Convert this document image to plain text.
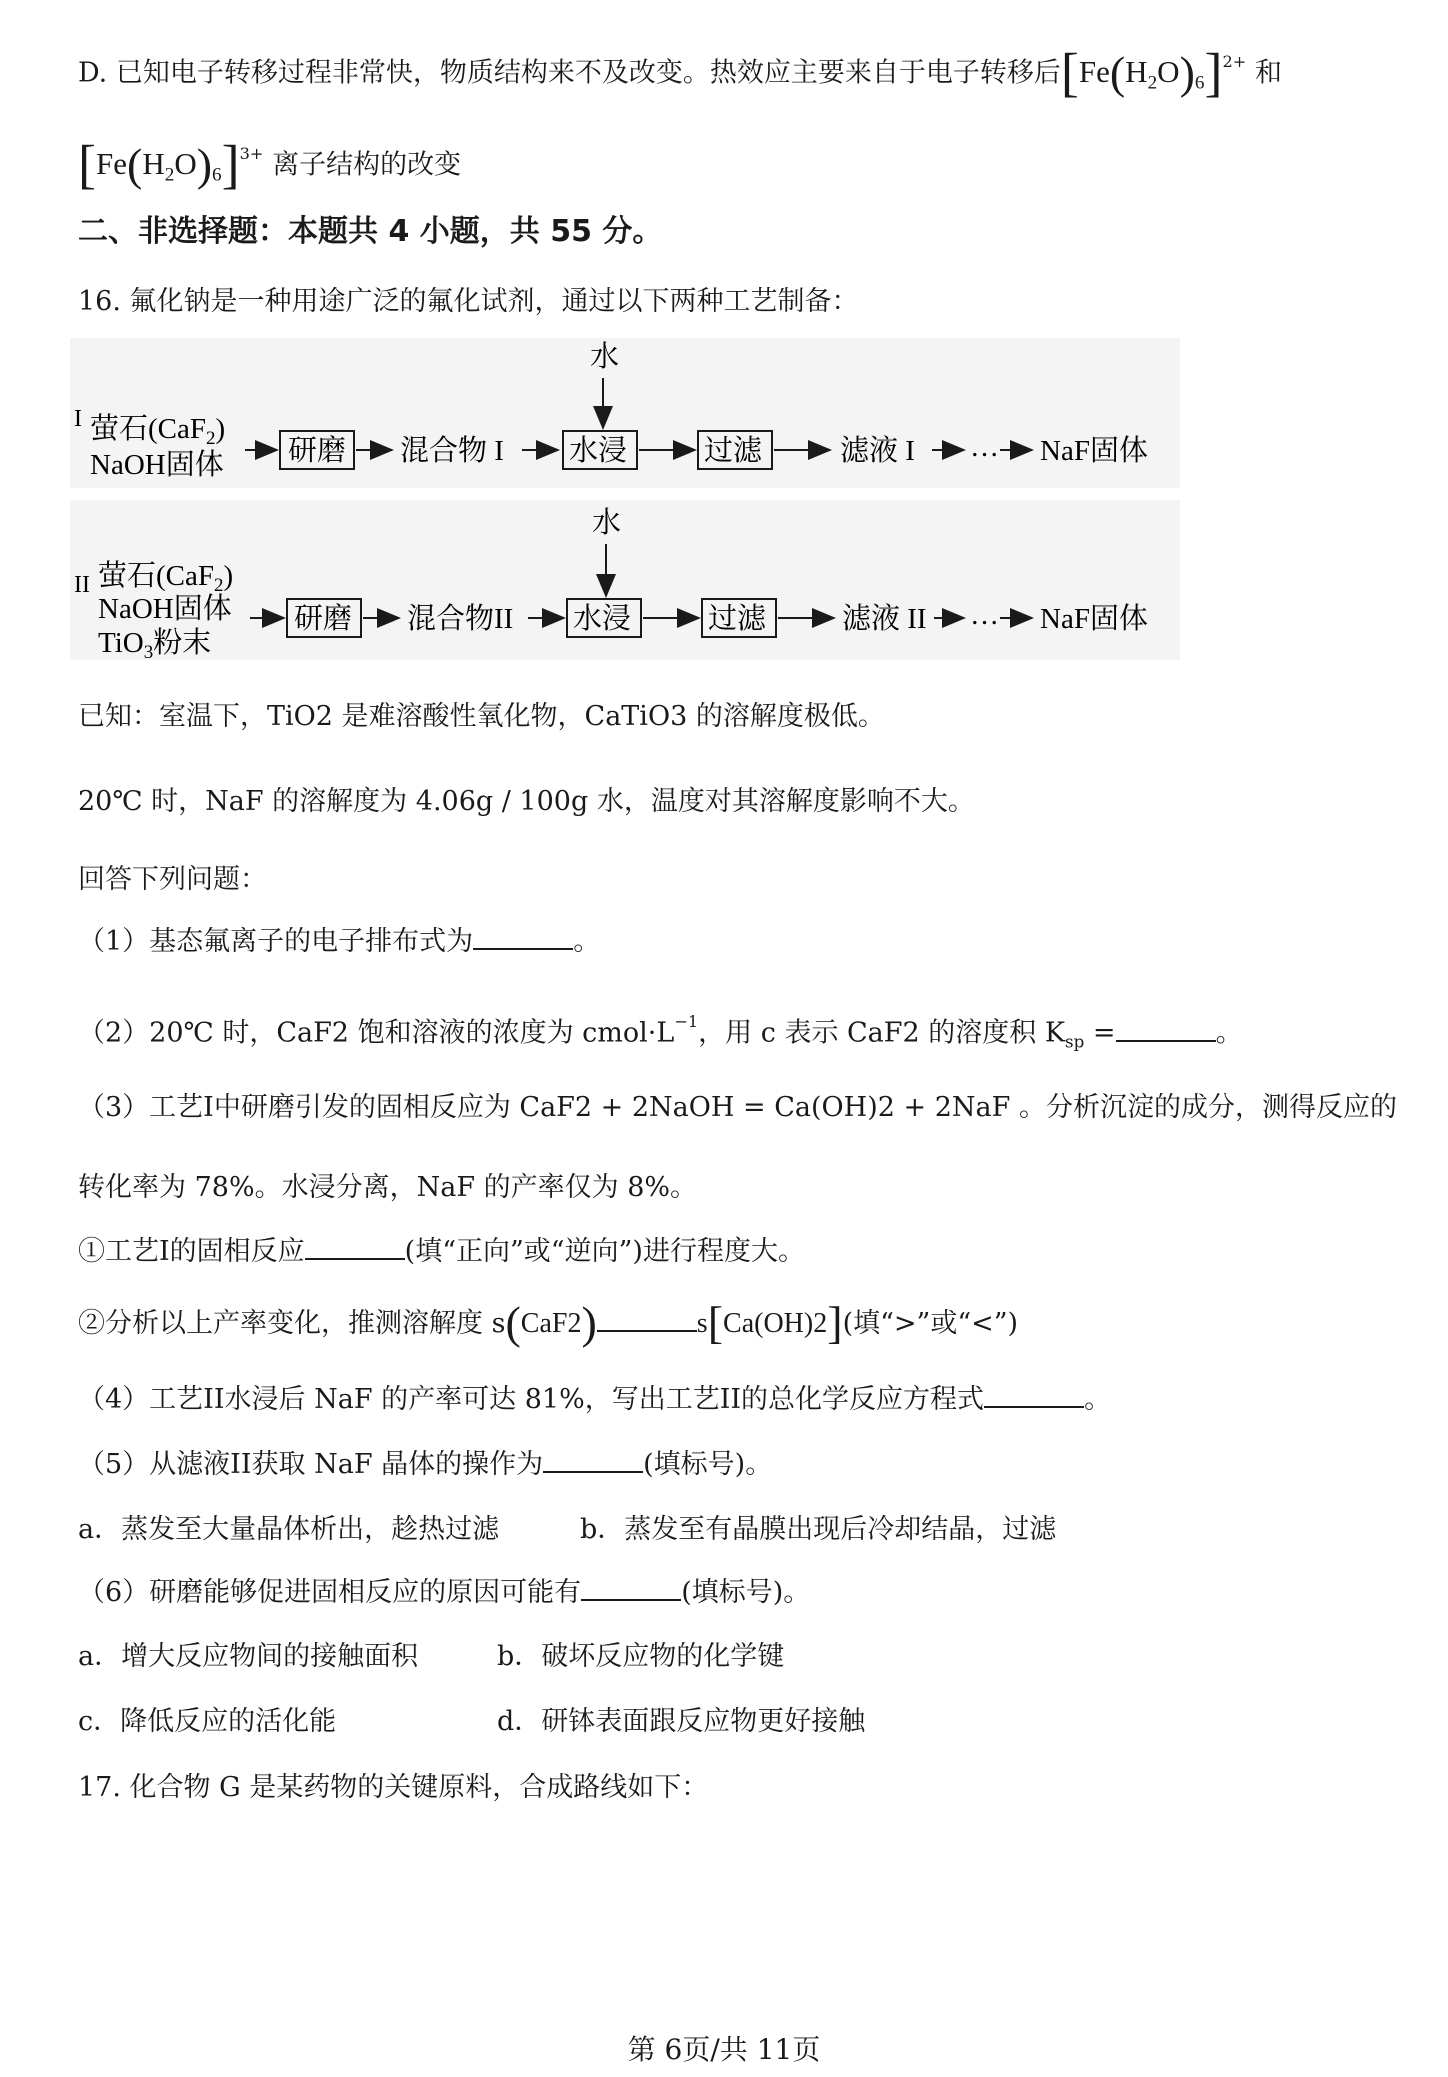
D. 已知电子转移过程非常快，物质结构来不及改变。热效应主要来自于电子转移后$[Fe(H_2O)_6]^{2+}$ 和
$[Fe(H_2O)_6]^{3+}$ 离子结构的改变
二、非选择题：本题共 4 小题，共 55 分。
16. 氟化钠是一种用途广泛的氟化试剂，通过以下两种工艺制备：
I 萤石(CaF$_2$)
NaOH固体 研磨 混合物 I
水
水浸	过滤	滤液 I … NaF固体
II 萤石(CaF$_2$)
NaOH固体
TiO$_3$粉末
研磨 混合物II
水
水浸	过滤	滤液 II … NaF固体
已知：室温下，TiO2 是难溶酸性氧化物，CaTiO3 的溶解度极低。
20℃ 时，NaF 的溶解度为 4.06g / 100g 水，温度对其溶解度影响不大。
回答下列问题：
（1）基态氟离子的电子排布式为	。
（2）20℃ 时，CaF2 饱和溶液的浓度为 $cmol\cdot L^{-1}$，用 c 表示 CaF2 的溶度积 $K_{sp}$ =	。
（3）工艺I中研磨引发的固相反应为 CaF2 + 2NaOH = Ca(OH)2 + 2NaF 。分析沉淀的成分，测得反应的
转化率为 78%。水浸分离，NaF 的产率仅为 8%。
①工艺I的固相反应	(填“正向”或“逆向”)进行程度大。
②分析以上产率变化，推测溶解度 s(CaF2)	s[Ca(OH)2](填“>”或“<”)
（4）工艺II水浸后 NaF 的产率可达 81%，写出工艺II的总化学反应方程式	。
（5）从滤液II获取 NaF 晶体的操作为	(填标号)。
a．蒸发至大量晶体析出，趁热过滤	b．蒸发至有晶膜出现后冷却结晶，过滤
（6）研磨能够促进固相反应的原因可能有	(填标号)。
a．增大反应物间的接触面积	b．破坏反应物的化学键
c．降低反应的活化能	d．研钵表面跟反应物更好接触
17. 化合物 G 是某药物的关键原料，合成路线如下：
第 6页/共 11页
